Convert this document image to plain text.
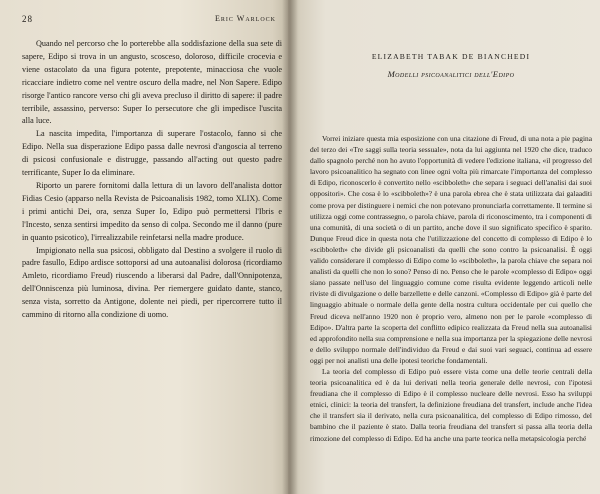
28	Eric Warlock

Quando nel percorso che lo porterebbe alla soddisfazione della sua sete di sapere, Edipo si trova in un angusto, scosceso, doloroso, difficile crocevia e viene ostacolato da una figura potente, prepotente, minacciosa che vuole ricacciare indietro come nel ventre oscuro della madre, nel Non Sapere. Edipo risorge l'antico rancore verso chi gli aveva precluso il diritto di sapere: il padre terribile, assassino, perverso: Super Io persecutore che gli impedisce l'uscita alla luce.

La nascita impedita, l'importanza di superare l'ostacolo, fanno si che Edipo. Nella sua disperazione Edipo passa dalle nevrosi d'angoscia al terreno di psicosi confusionale e distrugge, passando all'acting out questo padre terrificante, Super Io da eliminare.

Riporto un parere fornitomi dalla lettura di un lavoro dell'analista dottor Fidias Cesio (apparso nella Revista de Psicoanalisis 1982, tomo XLIX). Come i primi antichi Dei, ora, senza Super Io, Edipo può permettersi l'Ibris e l'Incesto, senza sentirsi impedito da senso di colpa. Secondo me il danno (pure in quanto psicotico), l'irrealizzabile reinfetarsi nella madre produce.

Impigionato nella sua psicosi, obbligato dal Destino a svolgere il ruolo di padre fasullo, Edipo ardisce sottoporsi ad una autoanalisi dolorosa (ricordiamo Amleto, ricordiamo Freud) riuscendo a liberarsi dal Padre, dall'Onnipotenza, dell'Onniscenza più luminosa, divina. Per riemergere guidato dante, stanco, senza vista, sorretto da Antigone, dolente nei piedi, per ripercorrere tutto il cammino di ritorno alla condizione di uomo.

ELIZABETH TABAK DE BIANCHEDI
Modelli psicoanalitici dell'Edipo

Vorrei iniziare questa mia esposizione con una citazione di Freud, di una nota a pie pagina del terzo dei «Tre saggi sulla teoria sessuale», nota da lui aggiunta nel 1920 che dice, traduco dallo spagnolo perché non ho avuto l'opportunità di vedere l'edizione italiana, «il progresso del lavoro psicoanalitico ha segnato con linee ogni volta più rimarcate l'importanza del complesso di Edipo, riconoscerlo è convertito nello «scibboleth» che separa i seguaci dell'analisi dai suoi oppositori». Che cosa è lo «scibboleth»? è una parola ebrea che è stata utilizzata dai galaaditi come prova per distinguere i nemici che non potevano pronunciarla correttamente. Il termine si utilizza oggi come contrassegno, o parola chiave, parola di riconoscimento, tra i componenti di una comunità, di una società o di un partito, anche dove il suo significato specifico è sparito. Dunque Freud dice in questa nota che l'utilizzazione del concetto di complesso di Edipo è lo «scibboleth» che divide gli psicoanalisti da quelli che sono contro la psicoanalisi. È oggi valido considerare il complesso di Edipo come lo «scibboleth», la parola chiave che separa noi analisti da quelli che non lo sono? Penso di no. Penso che le parole «complesso di Edipo» oggi siano passate nell'uso del linguaggio comune come risulta evidente leggendo articoli nelle riviste di divulgazione o delle barzellette e delle canzoni. «Complesso di Edipo» già è parte del linguaggio abituale o normale della gente della nostra cultura occidentale per cui quello che Freud diceva nell'anno 1920 non è proprio vero, almeno non per le parole «complesso di Edipo». D'altra parte la scoperta del conflitto edipico realizzata da Freud nella sua autoanalisi ed approfondito nella sua comprensione e nella sua importanza per la spiegazione delle nevrosi e dello sviluppo normale dell'individuo da Freud e dai suoi vari seguaci, continua ad essere oggi per noi analisti una delle ipotesi teoriche fondamentali.

La teoria del complesso di Edipo può essere vista come una delle teorie centrali della teoria psicoanalitica ed è da lui derivati nella teoria generale delle nevrosi, con l'ipotesi freudiana che il complesso di Edipo è il complesso nucleare delle nevrosi. Esso ha sviluppi etnici, clinici: la teoria del transfert, la definizione freudiana del transfert, include anche l'idea che il transfert sia il derivato, nella cura psicoanalitica, del complesso di Edipo rimosso, del bambino che il paziente è stato. Dalla teoria freudiana del transfert si passa alla teoria della rimozione del complesso di Edipo. Ed ha anche una parte teorica nella metapsicologia perché
